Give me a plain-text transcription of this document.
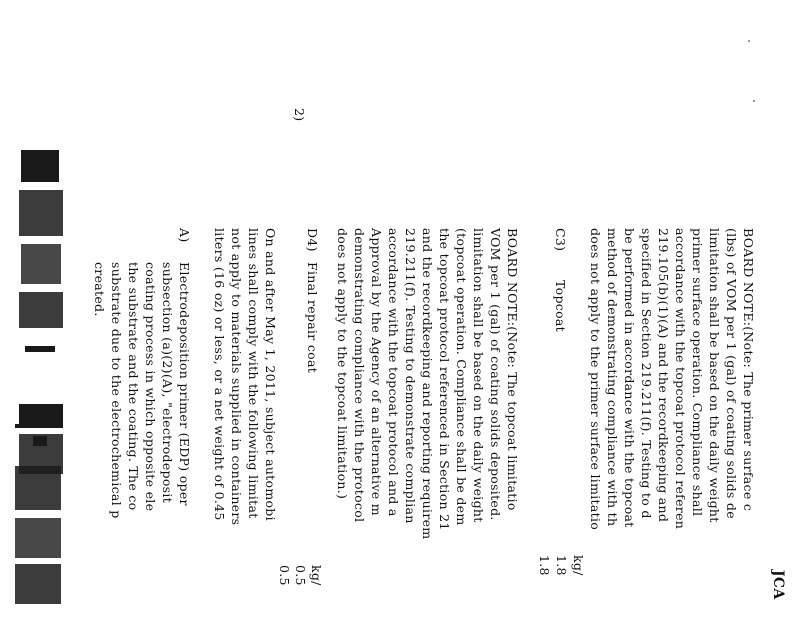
JCA
BOARD NOTE:(Note: The primer surface c
(lbs) of VOM per 1 (gal) of coating solids de
limitation shall be based on the daily weight
primer surface operation. Compliance shall
accordance with the topcoat protocol referen
219.105(b)(1)(A) and the recordkeeping and
specified in Section 219.211(f). Testing to d
be performed in accordance with the topcoat
method of demonstrating compliance with th
does not apply to the primer surface limitatio
C3)
Topcoat
kg/
1.8
1.8
BOARD NOTE:(Note: The topcoat limitatio
VOM per 1 (gal) of coating solids deposited.
limitation shall be based on the daily weight
(topcoat operation. Compliance shall be dem
the topcoat protocol referenced in Section 21
and the recordkeeping and reporting requirem
219.211(f). Testing to demonstrate complian
accordance with the topcoat protocol and a
Approval by the Agency of an alternative m
demonstrating compliance with the protocol
does not apply to the topcoat limitation.)
D4)
Final repair coat
kg/
0.5
0.5
2)
On and after May 1, 2011, subject automobi
lines shall comply with the following limitat
not apply to materials supplied in containers
liters (16 oz) or less, or a net weight of 0.45
A)
Electrodeposition primer (EDP) oper
subsection (a)(2)(A), "electrodeposit
coating process in which opposite ele
the substrate and the coating. The co
substrate due to the electrochemical p
created.
